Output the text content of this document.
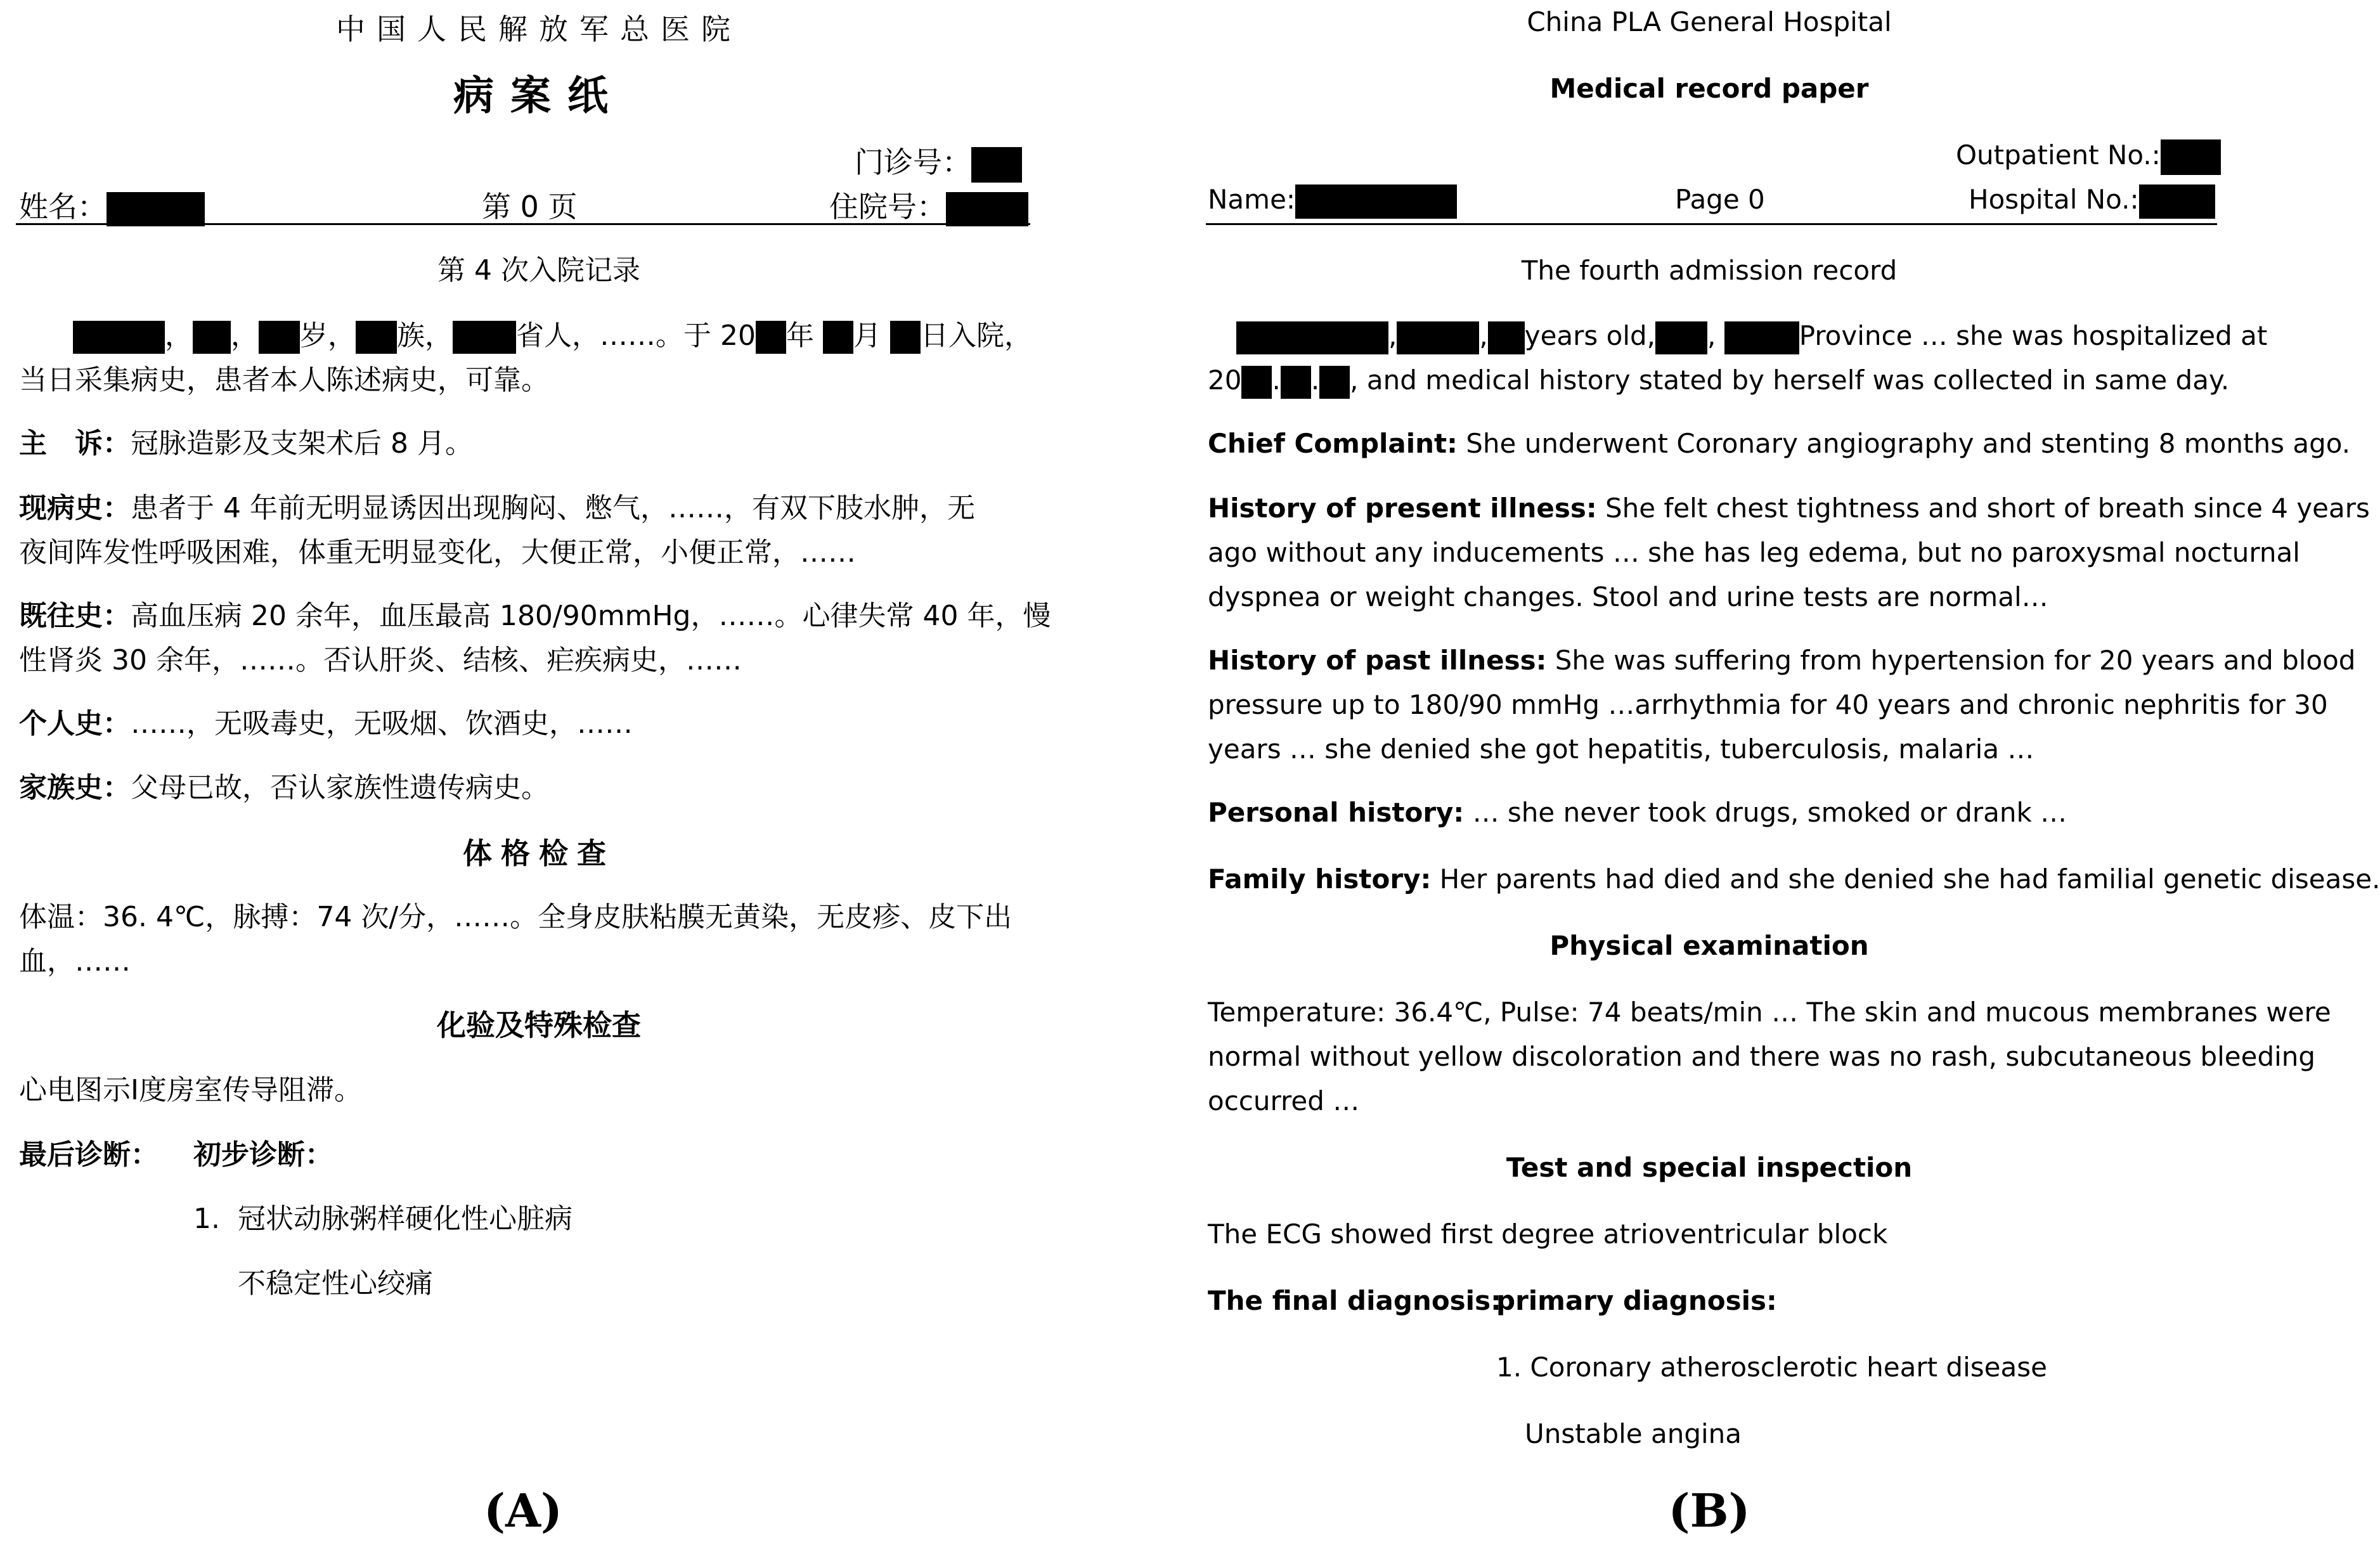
中国人民解放军总医院
病案纸
门诊号：
姓名：	第 0 页	住院号：
第 4 次入院记录
， ， 岁， 族， 省人，……。于 20 年 月 日入院，
当日采集病史，患者本人陈述病史，可靠。
主　诉：冠脉造影及支架术后 8 月。
现病史：患者于 4 年前无明显诱因出现胸闷、憋气，……，有双下肢水肿，无
夜间阵发性呼吸困难，体重无明显变化，大便正常，小便正常，……
既往史：高血压病 20 余年，血压最高 180/90mmHg，……。心律失常 40 年，慢
性肾炎 30 余年，……。否认肝炎、结核、疟疾病史，……
个人史：……，无吸毒史，无吸烟、饮酒史，……
家族史：父母已故，否认家族性遗传病史。
体格检查
体温：36. 4℃，脉搏：74 次/分，……。全身皮肤粘膜无黄染，无皮疹、皮下出
血，……
化验及特殊检查
心电图示Ⅰ度房室传导阻滞。
最后诊断： 初步诊断：
1. 冠状动脉粥样硬化性心脏病
不稳定性心绞痛
(A)
China PLA General Hospital
Medical record paper
Outpatient No.:
Name:	Page 0	Hospital No.:
The fourth admission record
,	, years old, ,	Province … she was hospitalized at
20 . . , and medical history stated by herself was collected in same day.
Chief Complaint: She underwent Coronary angiography and stenting 8 months ago.
History of present illness: She felt chest tightness and short of breath since 4 years
ago without any inducements … she has leg edema, but no paroxysmal nocturnal
dyspnea or weight changes. Stool and urine tests are normal…
History of past illness: She was suffering from hypertension for 20 years and blood
pressure up to 180/90 mmHg …arrhythmia for 40 years and chronic nephritis for 30
years … she denied she got hepatitis, tuberculosis, malaria …
Personal history: … she never took drugs, smoked or drank …
Family history: Her parents had died and she denied she had familial genetic disease.
Physical examination
Temperature: 36.4℃, Pulse: 74 beats/min … The skin and mucous membranes were
normal without yellow discoloration and there was no rash, subcutaneous bleeding
occurred …
Test and special inspection
The ECG showed first degree atrioventricular block
The final diagnosis:
primary diagnosis:
1. Coronary atherosclerotic heart disease
Unstable angina
(B)
